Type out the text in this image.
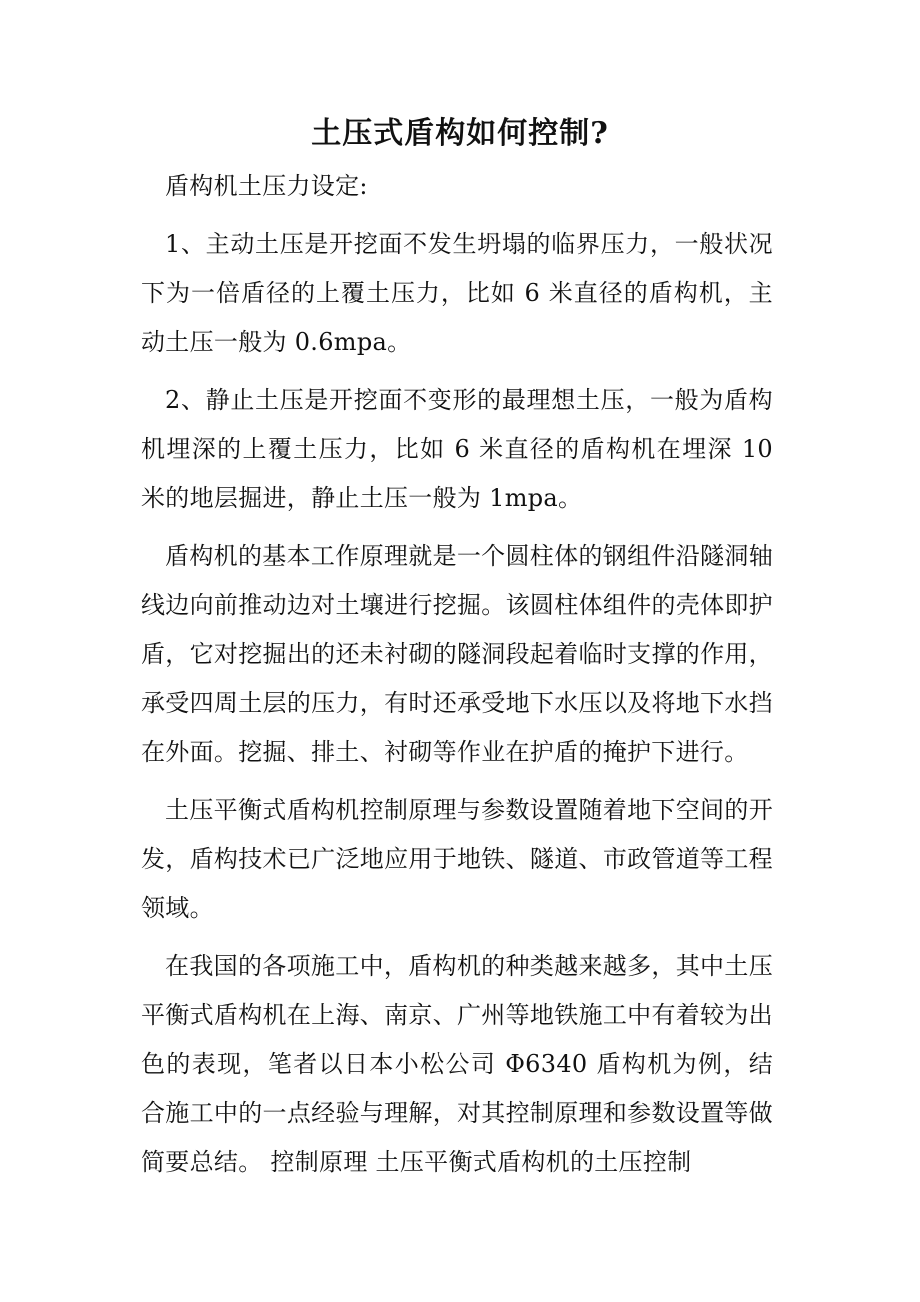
土压式盾构如何控制?

盾构机土压力设定:

1、主动土压是开挖面不发生坍塌的临界压力，一般状况下为一倍盾径的上覆土压力，比如 6 米直径的盾构机，主动土压一般为 0.6mpa。

2、静止土压是开挖面不变形的最理想土压，一般为盾构机埋深的上覆土压力，比如 6 米直径的盾构机在埋深 10 米的地层掘进，静止土压一般为 1mpa。

盾构机的基本工作原理就是一个圆柱体的钢组件沿隧洞轴线边向前推动边对土壤进行挖掘。该圆柱体组件的壳体即护盾，它对挖掘出的还未衬砌的隧洞段起着临时支撑的作用，承受四周土层的压力，有时还承受地下水压以及将地下水挡在外面。挖掘、排土、衬砌等作业在护盾的掩护下进行。

土压平衡式盾构机控制原理与参数设置随着地下空间的开发，盾构技术已广泛地应用于地铁、隧道、市政管道等工程领域。

在我国的各项施工中，盾构机的种类越来越多，其中土压平衡式盾构机在上海、南京、广州等地铁施工中有着较为出色的表现，笔者以日本小松公司 Φ6340 盾构机为例，结合施工中的一点经验与理解，对其控制原理和参数设置等做简要总结。 控制原理 土压平衡式盾构机的土压控制
